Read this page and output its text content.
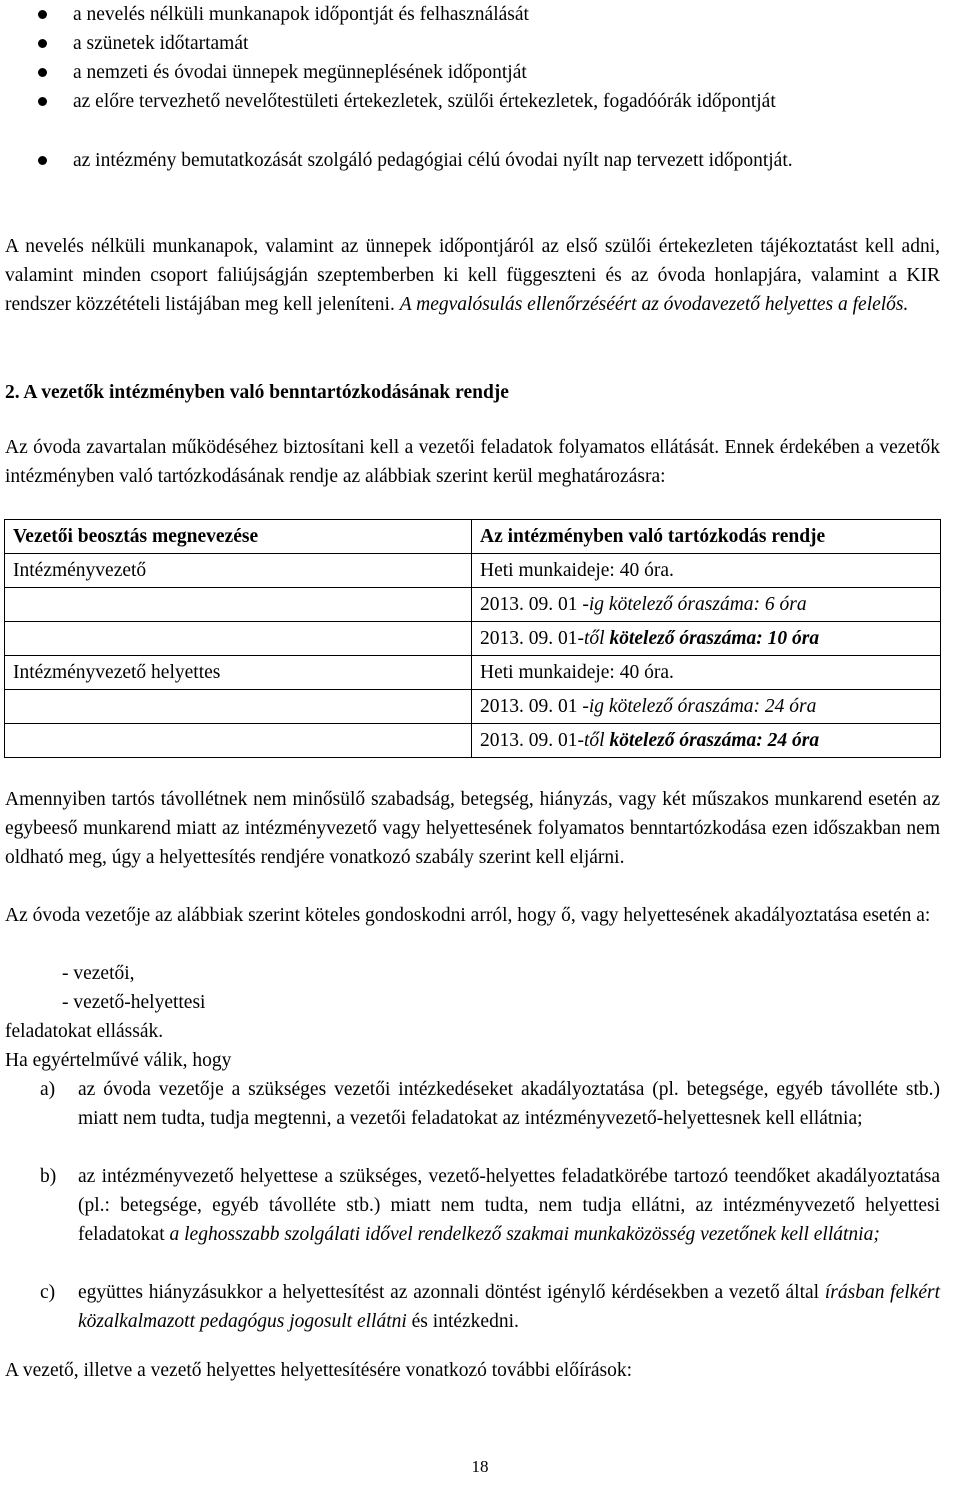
a nevelés nélküli munkanapok időpontját és felhasználását
a szünetek időtartamát
a nemzeti és óvodai ünnepek megünneplésének időpontját
az előre tervezhető nevelőtestületi értekezletek, szülői értekezletek, fogadóórák időpontját
az intézmény bemutatkozását szolgáló pedagógiai célú óvodai nyílt nap tervezett időpontját.

A nevelés nélküli munkanapok, valamint az ünnepek időpontjáról az első szülői értekezleten tájékoztatást kell adni, valamint minden csoport faliújságján szeptemberben ki kell függeszteni és az óvoda honlapjára, valamint a KIR rendszer közzétételi listájában meg kell jeleníteni. A megvalósulás ellenőrzéséért az óvodavezető helyettes a felelős.

2. A vezetők intézményben való benntartózkodásának rendje

Az óvoda zavartalan működéséhez biztosítani kell a vezetői feladatok folyamatos ellátását. Ennek érdekében a vezetők intézményben való tartózkodásának rendje az alábbiak szerint kerül meghatározásra:

Vezetői beosztás megnevezése	Az intézményben való tartózkodás rendje
Intézményvezető	Heti munkaideje: 40 óra.
	2013. 09. 01 -ig kötelező óraszáma: 6 óra
	2013. 09. 01-től kötelező óraszáma: 10 óra
Intézményvezető helyettes	Heti munkaideje: 40 óra.
	2013. 09. 01 -ig kötelező óraszáma: 24 óra
	2013. 09. 01-től kötelező óraszáma: 24 óra

Amennyiben tartós távollétnek nem minősülő szabadság, betegség, hiányzás, vagy két műszakos munkarend esetén az egybeeső munkarend miatt az intézményvezető vagy helyettesének folyamatos benntartózkodása ezen időszakban nem oldható meg, úgy a helyettesítés rendjére vonatkozó szabály szerint kell eljárni.

Az óvoda vezetője az alábbiak szerint köteles gondoskodni arról, hogy ő, vagy helyettesének akadályoztatása esetén a:

- vezetői,
- vezető-helyettesi
feladatokat ellássák.
Ha egyértelművé válik, hogy
a) az óvoda vezetője a szükséges vezetői intézkedéseket akadályoztatása (pl. betegsége, egyéb távolléte stb.) miatt nem tudta, tudja megtenni, a vezetői feladatokat az intézményvezető-helyettesnek kell ellátnia;
b) az intézményvezető helyettese a szükséges, vezető-helyettes feladatkörébe tartozó teendőket akadályoztatása (pl.: betegsége, egyéb távolléte stb.) miatt nem tudta, nem tudja ellátni, az intézményvezető helyettesi feladatokat a leghosszabb szolgálati idővel rendelkező szakmai munkaközösség vezetőnek kell ellátnia;
c) együttes hiányzásukkor a helyettesítést az azonnali döntést igénylő kérdésekben a vezető által írásban felkért közalkalmazott pedagógus jogosult ellátni és intézkedni.
A vezető, illetve a vezető helyettes helyettesítésére vonatkozó további előírások:
18
